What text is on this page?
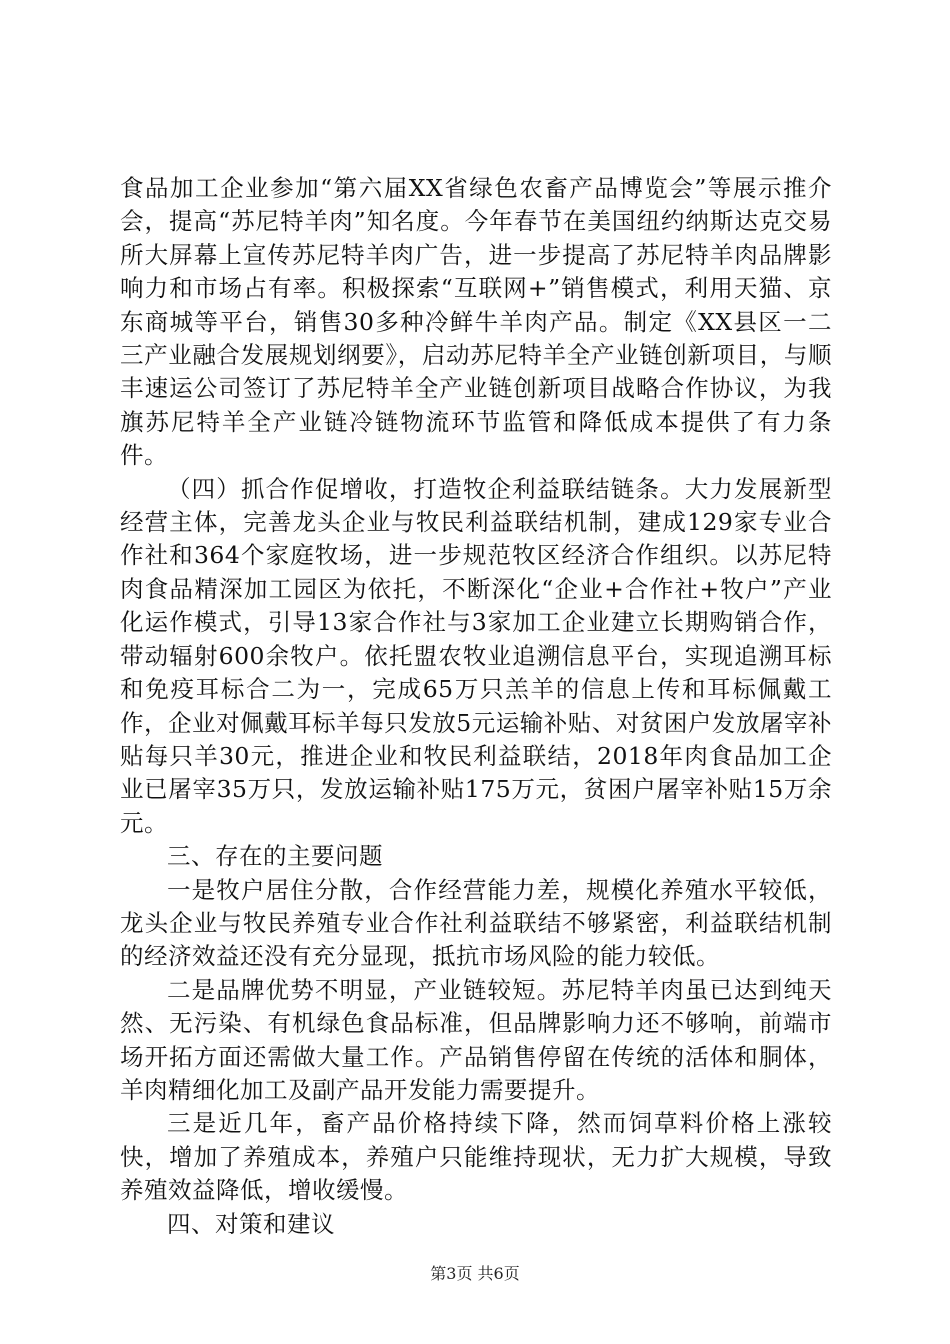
食品加工企业参加“第六届XX省绿色农畜产品博览会”等展示推介会，提高“苏尼特羊肉”知名度。今年春节在美国纽约纳斯达克交易所大屏幕上宣传苏尼特羊肉广告，进一步提高了苏尼特羊肉品牌影响力和市场占有率。积极探索“互联网+”销售模式，利用天猫、京东商城等平台，销售30多种冷鲜牛羊肉产品。制定《XX县区一二三产业融合发展规划纲要》，启动苏尼特羊全产业链创新项目，与顺丰速运公司签订了苏尼特羊全产业链创新项目战略合作协议，为我旗苏尼特羊全产业链冷链物流环节监管和降低成本提供了有力条件。

（四）抓合作促增收，打造牧企利益联结链条。大力发展新型经营主体，完善龙头企业与牧民利益联结机制，建成129家专业合作社和364个家庭牧场，进一步规范牧区经济合作组织。以苏尼特肉食品精深加工园区为依托，不断深化“企业+合作社+牧户”产业化运作模式，引导13家合作社与3家加工企业建立长期购销合作，带动辐射600余牧户。依托盟农牧业追溯信息平台，实现追溯耳标和免疫耳标合二为一，完成65万只羔羊的信息上传和耳标佩戴工作，企业对佩戴耳标羊每只发放5元运输补贴、对贫困户发放屠宰补贴每只羊30元，推进企业和牧民利益联结，2018年肉食品加工企业已屠宰35万只，发放运输补贴175万元，贫困户屠宰补贴15万余元。

三、存在的主要问题

一是牧户居住分散，合作经营能力差，规模化养殖水平较低，龙头企业与牧民养殖专业合作社利益联结不够紧密，利益联结机制的经济效益还没有充分显现，抵抗市场风险的能力较低。

二是品牌优势不明显，产业链较短。苏尼特羊肉虽已达到纯天然、无污染、有机绿色食品标准，但品牌影响力还不够响，前端市场开拓方面还需做大量工作。产品销售停留在传统的活体和胴体，羊肉精细化加工及副产品开发能力需要提升。

三是近几年，畜产品价格持续下降，然而饲草料价格上涨较快，增加了养殖成本，养殖户只能维持现状，无力扩大规模，导致养殖效益降低，增收缓慢。

四、对策和建议

第3页 共6页
